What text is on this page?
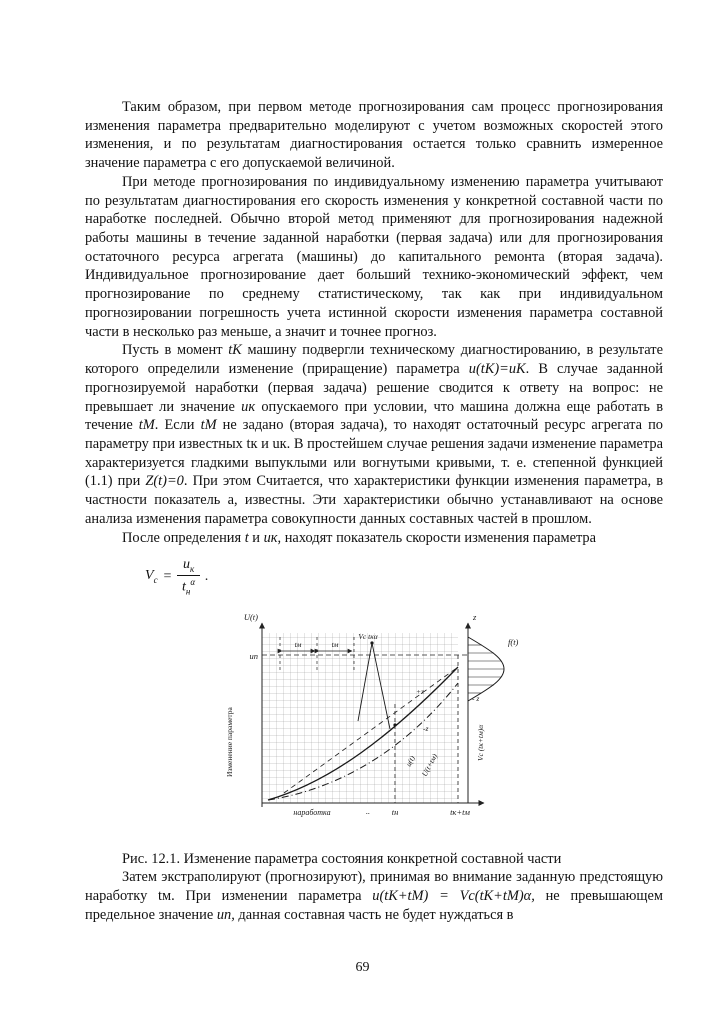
Таким образом, при первом методе прогнозирования сам процесс прогнозирования изменения параметра предварительно моделируют с учетом возможных скоростей этого изменения, и по результатам диагностирования остается только сравнить измеренное значение параметра с его допускаемой величиной.

При методе прогнозирования по индивидуальному изменению параметра учитывают по результатам диагностирования его скорость изменения у конкретной составной части по наработке последней. Обычно второй метод применяют для прогнозирования надежной работы машины в течение заданной наработки (первая задача) или для прогнозирования остаточного ресурса агрегата (машины) до капитального ремонта (вторая задача). Индивидуальное прогнозирование дает больший технико-экономический эффект, чем прогнозирование по среднему статистическому, так как при индивидуальном прогнозировании погрешность учета истинной скорости изменения параметра составной части в несколько раз меньше, а значит и точнее прогноз.

Пусть в момент tK машину подвергли техническому диагностированию, в результате которого определили изменение (приращение) параметра u(tK)=uK. В случае заданной прогнозируемой наработки (первая задача) решение сводится к ответу на вопрос: не превышает ли значение uк опускаемого при условии, что машина должна еще работать в течение tM. Если tM не задано (вторая задача), то находят остаточный ресурс агрегата по параметру при известных tк и uк. В простейшем случае решения задачи изменение параметра характеризуется гладкими выпуклыми или вогнутыми кривыми, т. е. степенной функцией (1.1) при Z(t)=0. При этом Считается, что характеристики функции изменения параметра, в частности показатель а, известны. Эти характеристики обычно устанавливают на основе анализа изменения параметра совокупности данных составных частей в прошлом.

После определения t и uк, находят показатель скорости изменения параметра

$V_c = \frac{u_к}{t_н^\alpha}$ .
U(t)	z
f(t)
uп
tм	tм
Vc tкα
+z
-z
- z
u(t) U(t+tм)
Vc (tк+tм)α
Изменение параметра
наработка	..	tн	tк+tм

Рис. 12.1. Изменение параметра состояния конкретной составной части

Затем экстраполируют (прогнозируют), принимая во внимание заданную предстоящую наработку tм. При изменении параметра u(tK+tM) = Vc(tK+tM)α, не превышающем предельное значение uп, данная составная часть не будет нуждаться в

69
